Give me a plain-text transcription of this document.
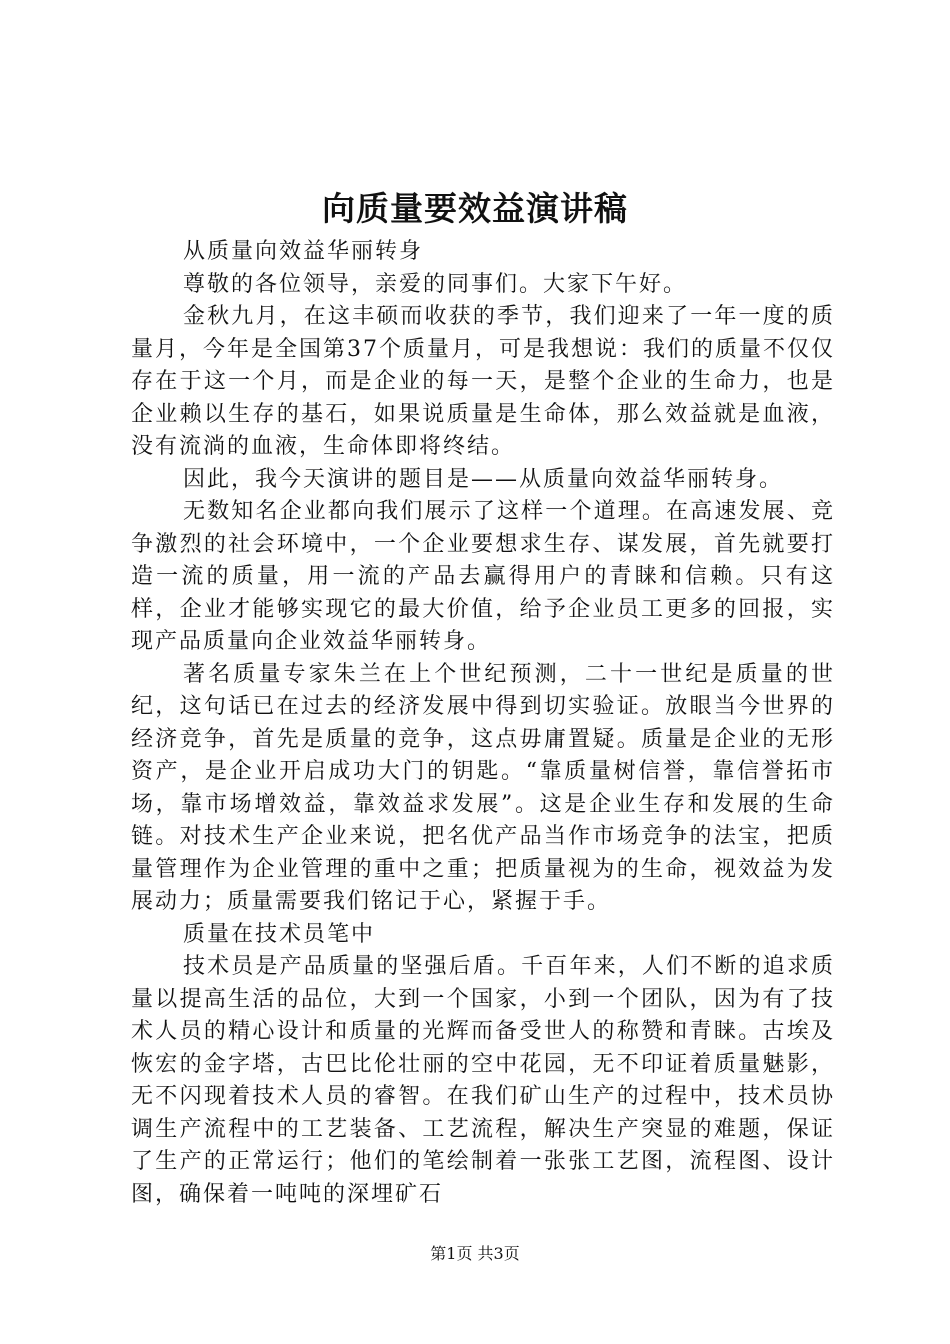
向质量要效益演讲稿

从质量向效益华丽转身

尊敬的各位领导，亲爱的同事们。大家下午好。

金秋九月，在这丰硕而收获的季节，我们迎来了一年一度的质量月，今年是全国第37个质量月，可是我想说：我们的质量不仅仅存在于这一个月，而是企业的每一天，是整个企业的生命力，也是企业赖以生存的基石，如果说质量是生命体，那么效益就是血液，没有流淌的血液，生命体即将终结。

因此，我今天演讲的题目是——从质量向效益华丽转身。

无数知名企业都向我们展示了这样一个道理。在高速发展、竞争激烈的社会环境中，一个企业要想求生存、谋发展，首先就要打造一流的质量，用一流的产品去赢得用户的青睐和信赖。只有这样，企业才能够实现它的最大价值，给予企业员工更多的回报，实现产品质量向企业效益华丽转身。

著名质量专家朱兰在上个世纪预测，二十一世纪是质量的世纪，这句话已在过去的经济发展中得到切实验证。放眼当今世界的经济竞争，首先是质量的竞争，这点毋庸置疑。质量是企业的无形资产，是企业开启成功大门的钥匙。“靠质量树信誉，靠信誉拓市场，靠市场增效益，靠效益求发展”。这是企业生存和发展的生命链。对技术生产企业来说，把名优产品当作市场竞争的法宝，把质量管理作为企业管理的重中之重；把质量视为的生命，视效益为发展动力；质量需要我们铭记于心，紧握于手。

质量在技术员笔中

技术员是产品质量的坚强后盾。千百年来，人们不断的追求质量以提高生活的品位，大到一个国家，小到一个团队，因为有了技术人员的精心设计和质量的光辉而备受世人的称赞和青睐。古埃及恢宏的金字塔，古巴比伦壮丽的空中花园，无不印证着质量魅影，无不闪现着技术人员的睿智。在我们矿山生产的过程中，技术员协调生产流程中的工艺装备、工艺流程，解决生产突显的难题，保证了生产的正常运行；他们的笔绘制着一张张工艺图，流程图、设计图，确保着一吨吨的深埋矿石

第1页 共3页
